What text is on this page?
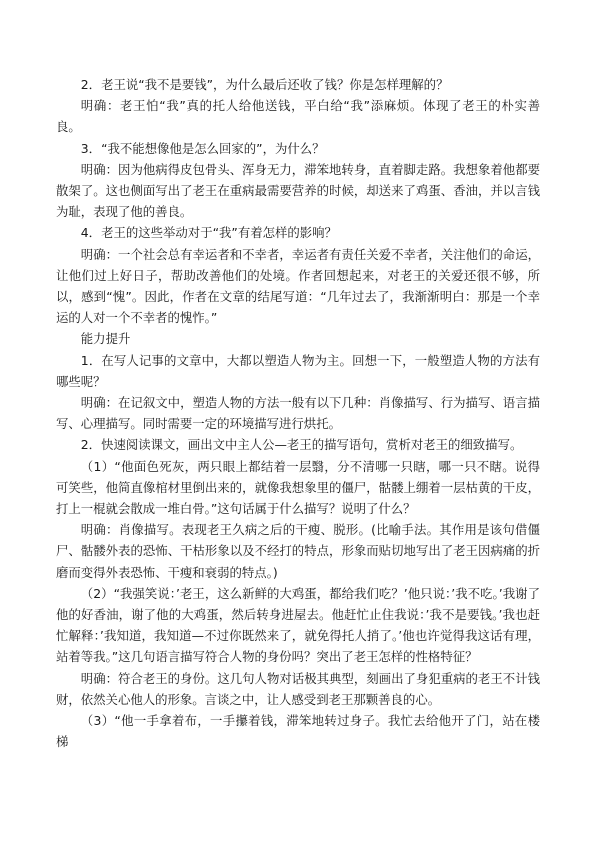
2．老王说“我不是要钱”，为什么最后还收了钱？你是怎样理解的？

明确：老王怕“我”真的托人给他送钱，平白给“我”添麻烦。体现了老王的朴实善良。

3．“我不能想像他是怎么回家的”，为什么？

明确：因为他病得皮包骨头、浑身无力，滞笨地转身，直着脚走路。我想象着他都要散架了。这也侧面写出了老王在重病最需要营养的时候，却送来了鸡蛋、香油，并以言钱为耻，表现了他的善良。

4．老王的这些举动对于“我”有着怎样的影响？

明确：一个社会总有幸运者和不幸者，幸运者有责任关爱不幸者，关注他们的命运，让他们过上好日子，帮助改善他们的处境。作者回想起来，对老王的关爱还很不够，所以，感到“愧”。因此，作者在文章的结尾写道：“几年过去了，我渐渐明白：那是一个幸运的人对一个不幸者的愧怍。”

能力提升

1．在写人记事的文章中，大都以塑造人物为主。回想一下，一般塑造人物的方法有哪些呢？

明确：在记叙文中，塑造人物的方法一般有以下几种：肖像描写、行为描写、语言描写、心理描写。同时需要一定的环境描写进行烘托。

2．快速阅读课文，画出文中主人公—老王的描写语句，赏析对老王的细致描写。

（1）“他面色死灰，两只眼上都结着一层翳，分不清哪一只瞎，哪一只不瞎。说得可笑些，他简直像棺材里倒出来的，就像我想象里的僵尸，骷髅上绷着一层枯黄的干皮，打上一棍就会散成一堆白骨。”这句话属于什么描写？说明了什么？

明确：肖像描写。表现老王久病之后的干瘦、脱形。(比喻手法。其作用是该句借僵尸、骷髅外表的恐怖、干枯形象以及不经打的特点，形象而贴切地写出了老王因病痛的折磨而变得外表恐怖、干瘦和衰弱的特点。)

（2）“我强笑说：’老王，这么新鲜的大鸡蛋，都给我们吃？’他只说：’我不吃。’我谢了他的好香油，谢了他的大鸡蛋，然后转身进屋去。他赶忙止住我说：’我不是要钱。’我也赶忙解释：’我知道，我知道—不过你既然来了，就免得托人捎了。’他也许觉得我这话有理，站着等我。”这几句语言描写符合人物的身份吗？突出了老王怎样的性格特征？

明确：符合老王的身份。这几句人物对话极其典型，刻画出了身犯重病的老王不计钱财，依然关心他人的形象。言谈之中，让人感受到老王那颗善良的心。

（3）“他一手拿着布，一手攥着钱，滞笨地转过身子。我忙去给他开了门，站在楼梯
